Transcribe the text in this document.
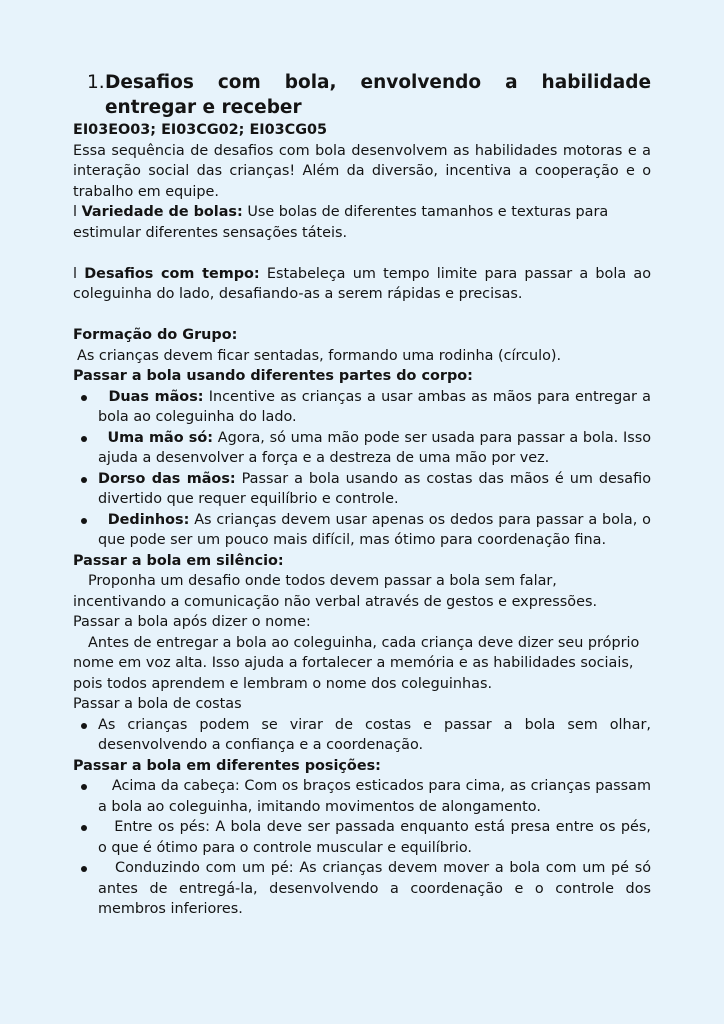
1. Desafios com bola, envolvendo a habilidade entregar e receber

EI03EO03; EI03CG02; EI03CG05

Essa sequência de desafios com bola desenvolvem as habilidades motoras e a interação social das crianças! Além da diversão, incentiva a cooperação e o trabalho em equipe.

l Variedade de bolas: Use bolas de diferentes tamanhos e texturas para estimular diferentes sensações táteis.

l Desafios com tempo: Estabeleça um tempo limite para passar a bola ao coleguinha do lado, desafiando-as a serem rápidas e precisas.

Formação do Grupo:

As crianças devem ficar sentadas, formando uma rodinha (círculo).

Passar a bola usando diferentes partes do corpo:

Duas mãos: Incentive as crianças a usar ambas as mãos para entregar a bola ao coleguinha do lado.
Uma mão só: Agora, só uma mão pode ser usada para passar a bola. Isso ajuda a desenvolver a força e a destreza de uma mão por vez.
Dorso das mãos: Passar a bola usando as costas das mãos é um desafio divertido que requer equilíbrio e controle.
Dedinhos: As crianças devem usar apenas os dedos para passar a bola, o que pode ser um pouco mais difícil, mas ótimo para coordenação fina.

Passar a bola em silêncio:

Proponha um desafio onde todos devem passar a bola sem falar, incentivando a comunicação não verbal através de gestos e expressões.

Passar a bola após dizer o nome:

Antes de entregar a bola ao coleguinha, cada criança deve dizer seu próprio nome em voz alta. Isso ajuda a fortalecer a memória e as habilidades sociais, pois todos aprendem e lembram o nome dos coleguinhas.

Passar a bola de costas

As crianças podem se virar de costas e passar a bola sem olhar, desenvolvendo a confiança e a coordenação.

Passar a bola em diferentes posições:

Acima da cabeça: Com os braços esticados para cima, as crianças passam a bola ao coleguinha, imitando movimentos de alongamento.
Entre os pés: A bola deve ser passada enquanto está presa entre os pés, o que é ótimo para o controle muscular e equilíbrio.
Conduzindo com um pé: As crianças devem mover a bola com um pé só antes de entregá-la, desenvolvendo a coordenação e o controle dos membros inferiores.
